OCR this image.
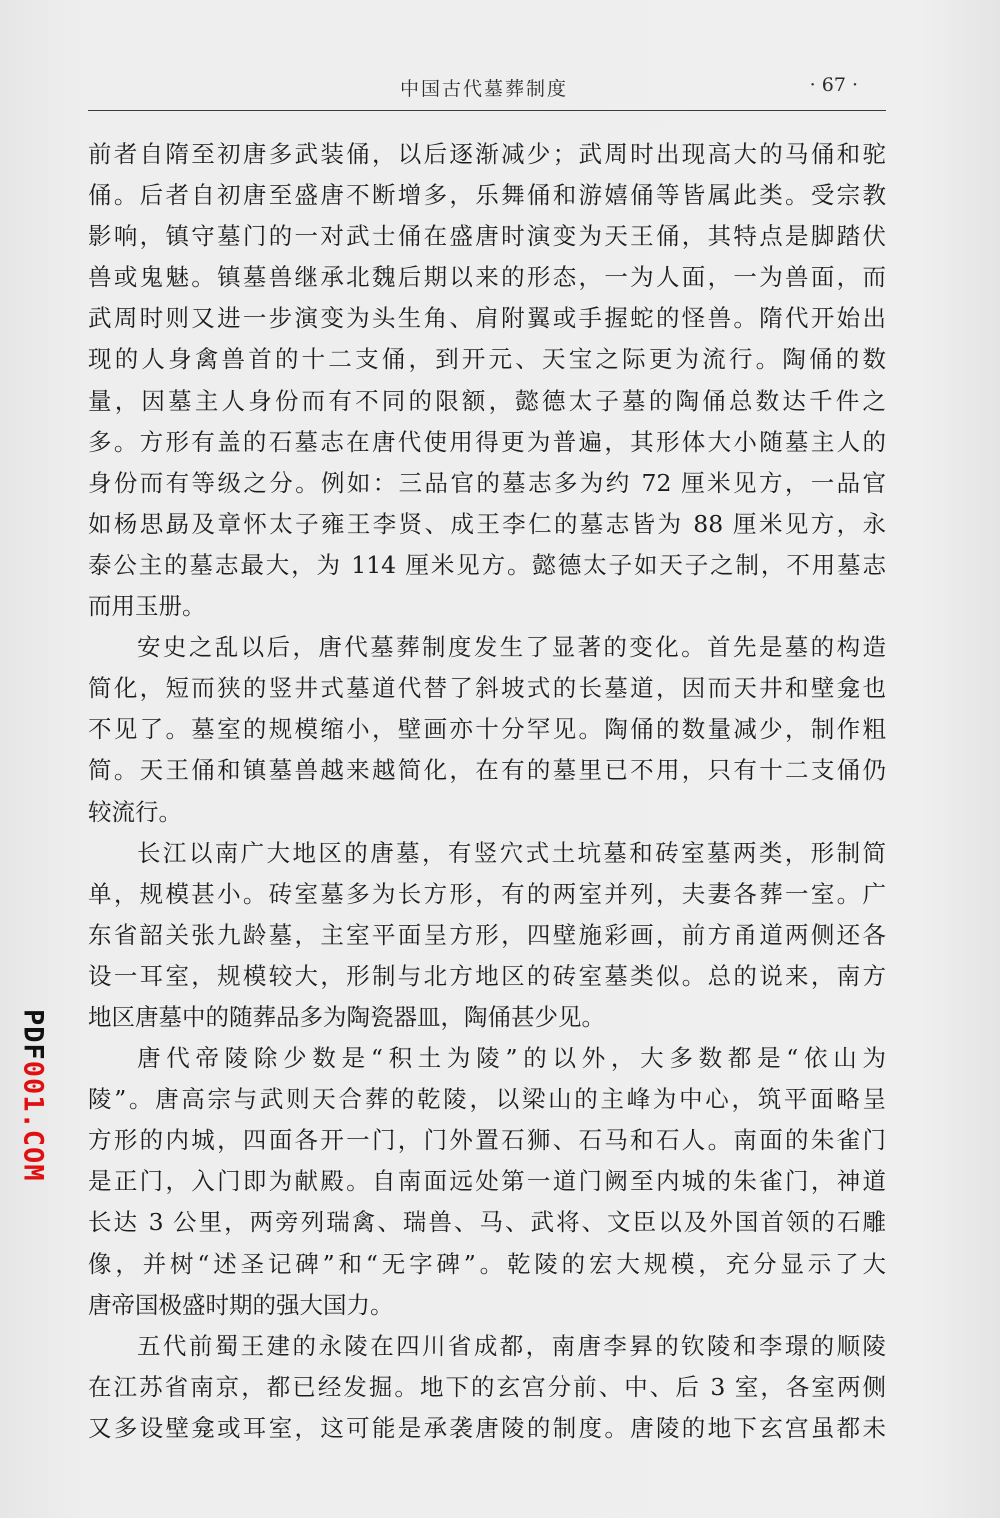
中国古代墓葬制度	· 67 ·
前者自隋至初唐多武装俑，以后逐渐减少；武周时出现高大的马俑和驼
俑。后者自初唐至盛唐不断增多，乐舞俑和游嬉俑等皆属此类。受宗教
影响，镇守墓门的一对武士俑在盛唐时演变为天王俑，其特点是脚踏伏
兽或鬼魅。镇墓兽继承北魏后期以来的形态，一为人面，一为兽面，而
武周时则又进一步演变为头生角、肩附翼或手握蛇的怪兽。隋代开始出
现的人身禽兽首的十二支俑，到开元、天宝之际更为流行。陶俑的数
量，因墓主人身份而有不同的限额，懿德太子墓的陶俑总数达千件之
多。方形有盖的石墓志在唐代使用得更为普遍，其形体大小随墓主人的
身份而有等级之分。例如：三品官的墓志多为约 72 厘米见方，一品官
如杨思勗及章怀太子雍王李贤、成王李仁的墓志皆为 88 厘米见方，永
泰公主的墓志最大，为 114 厘米见方。懿德太子如天子之制，不用墓志
而用玉册。
安史之乱以后，唐代墓葬制度发生了显著的变化。首先是墓的构造
简化，短而狭的竖井式墓道代替了斜坡式的长墓道，因而天井和壁龛也
不见了。墓室的规模缩小，壁画亦十分罕见。陶俑的数量减少，制作粗
简。天王俑和镇墓兽越来越简化，在有的墓里已不用，只有十二支俑仍
较流行。
长江以南广大地区的唐墓，有竖穴式土坑墓和砖室墓两类，形制简
单，规模甚小。砖室墓多为长方形，有的两室并列，夫妻各葬一室。广
东省韶关张九龄墓，主室平面呈方形，四壁施彩画，前方甬道两侧还各
设一耳室，规模较大，形制与北方地区的砖室墓类似。总的说来，南方
地区唐墓中的随葬品多为陶瓷器皿，陶俑甚少见。
唐代帝陵除少数是“积土为陵”的以外，大多数都是“依山为
陵”。唐高宗与武则天合葬的乾陵，以梁山的主峰为中心，筑平面略呈
方形的内城，四面各开一门，门外置石狮、石马和石人。南面的朱雀门
是正门，入门即为献殿。自南面远处第一道门阙至内城的朱雀门，神道
长达 3 公里，两旁列瑞禽、瑞兽、马、武将、文臣以及外国首领的石雕
像，并树“述圣记碑”和“无字碑”。乾陵的宏大规模，充分显示了大
唐帝国极盛时期的强大国力。
五代前蜀王建的永陵在四川省成都，南唐李昪的钦陵和李璟的顺陵
在江苏省南京，都已经发掘。地下的玄宫分前、中、后 3 室，各室两侧
又多设壁龛或耳室，这可能是承袭唐陵的制度。唐陵的地下玄宫虽都未
PDF001.COM
